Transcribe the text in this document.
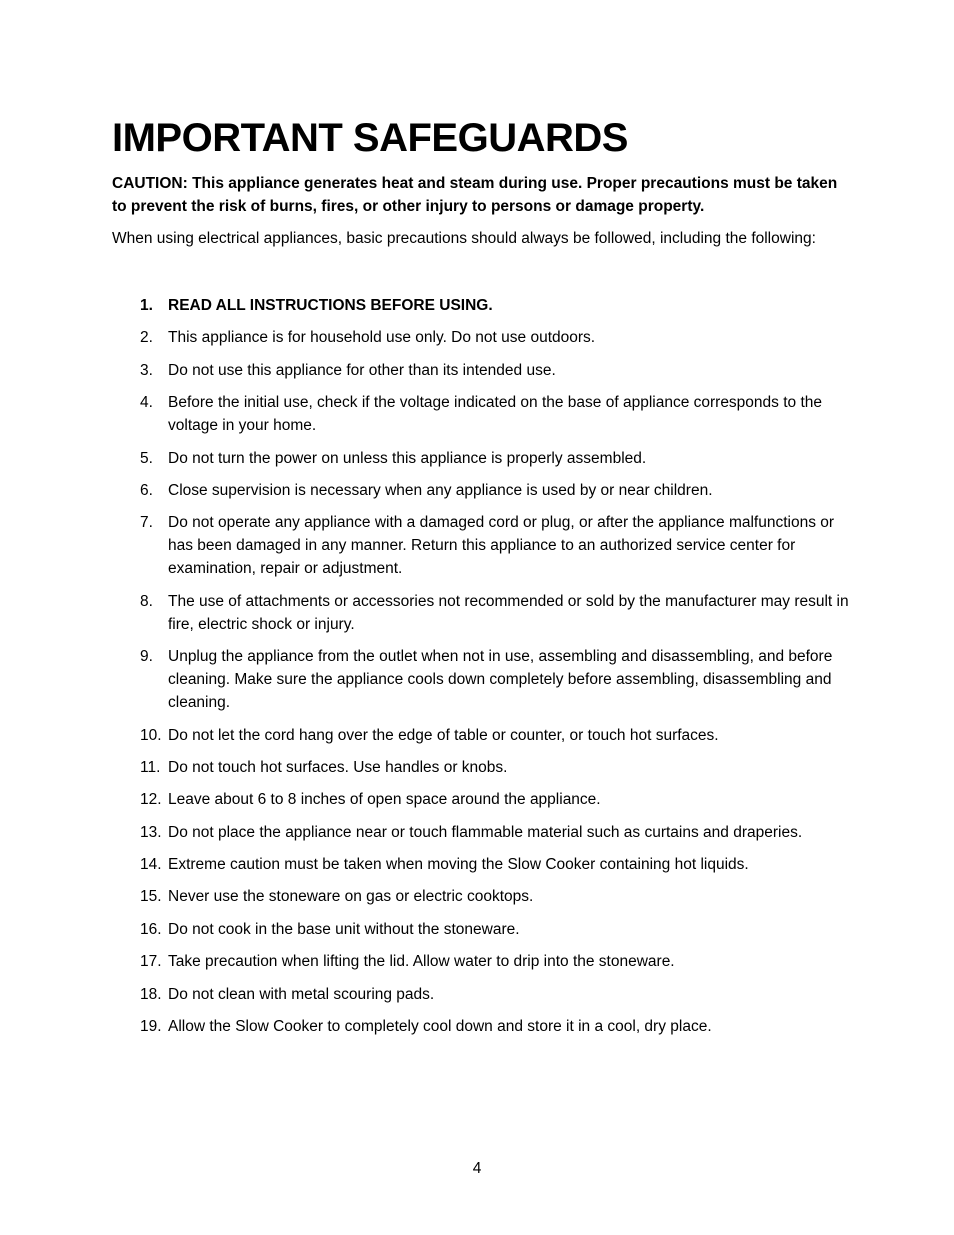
IMPORTANT SAFEGUARDS

CAUTION: This appliance generates heat and steam during use. Proper precautions must be taken to prevent the risk of burns, fires, or other injury to persons or damage property.

When using electrical appliances, basic precautions should always be followed, including the following:

1. READ ALL INSTRUCTIONS BEFORE USING.
2. This appliance is for household use only. Do not use outdoors.
3. Do not use this appliance for other than its intended use.
4. Before the initial use, check if the voltage indicated on the base of appliance corresponds to the voltage in your home.
5. Do not turn the power on unless this appliance is properly assembled.
6. Close supervision is necessary when any appliance is used by or near children.
7. Do not operate any appliance with a damaged cord or plug, or after the appliance malfunctions or has been damaged in any manner. Return this appliance to an authorized service center for examination, repair or adjustment.
8. The use of attachments or accessories not recommended or sold by the manufacturer may result in fire, electric shock or injury.
9. Unplug the appliance from the outlet when not in use, assembling and disassembling, and before cleaning. Make sure the appliance cools down completely before assembling, disassembling and cleaning.
10. Do not let the cord hang over the edge of table or counter, or touch hot surfaces.
11. Do not touch hot surfaces. Use handles or knobs.
12. Leave about 6 to 8 inches of open space around the appliance.
13. Do not place the appliance near or touch flammable material such as curtains and draperies.
14. Extreme caution must be taken when moving the Slow Cooker containing hot liquids.
15. Never use the stoneware on gas or electric cooktops.
16. Do not cook in the base unit without the stoneware.
17. Take precaution when lifting the lid. Allow water to drip into the stoneware.
18. Do not clean with metal scouring pads.
19. Allow the Slow Cooker to completely cool down and store it in a cool, dry place.
4
